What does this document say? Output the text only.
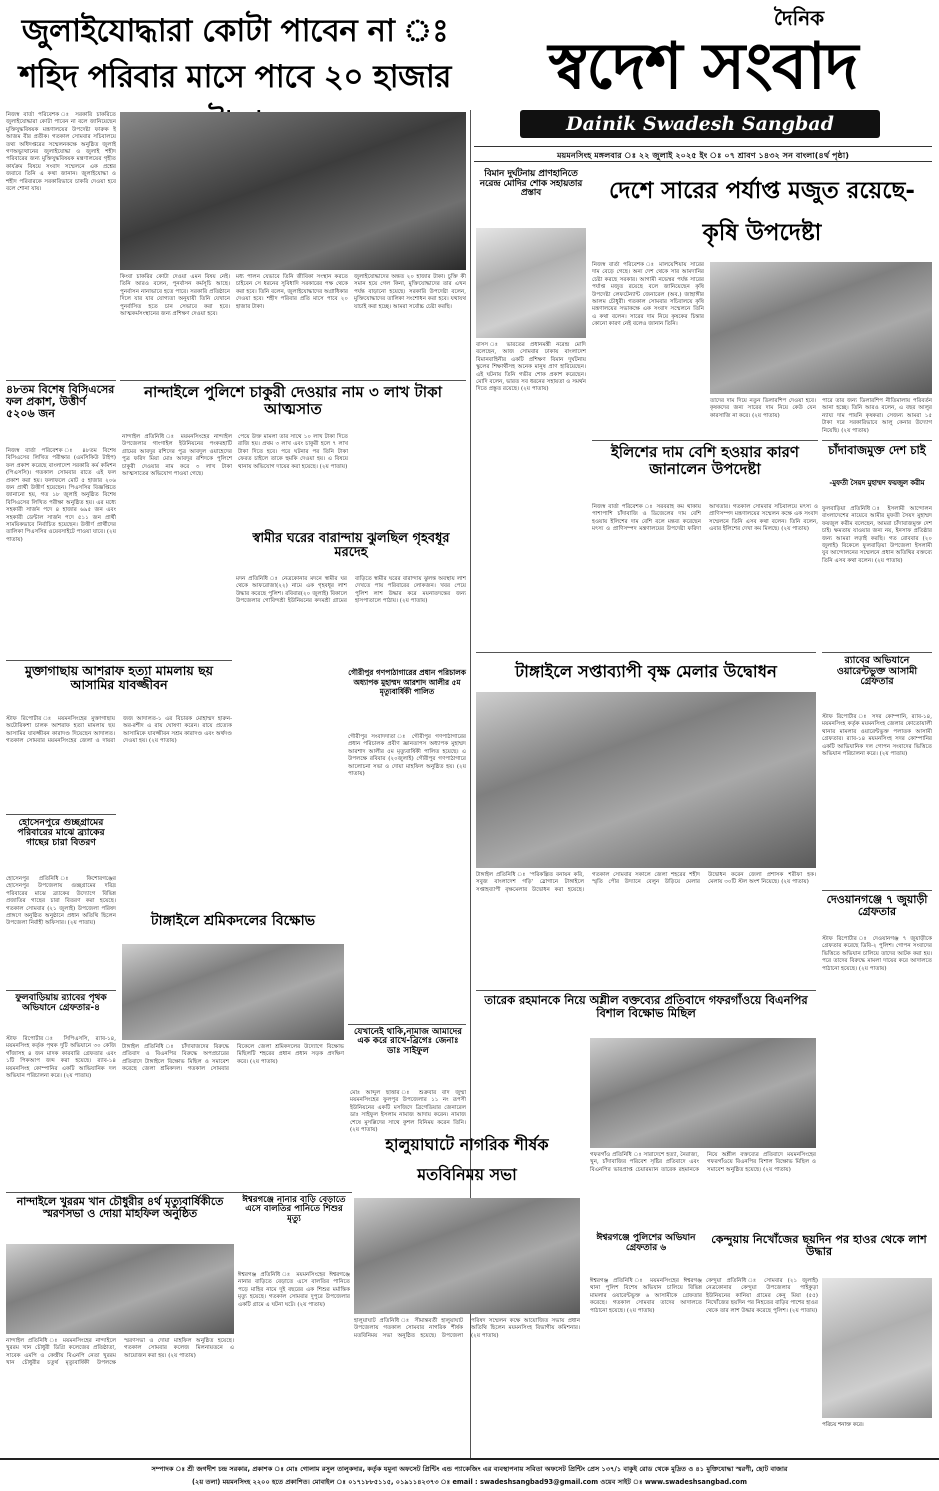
জুলাইযোদ্ধারা কোটা পাবেন না ঃ শহিদ পরিবার মাসে পাবে ২০ হাজার
দৈনিক
স্বদেশ সংবাদ
Dainik Swadesh Sangbad
ময়মনসিংহ মঙ্গলবার ঃ ২২ জুলাই ২০২৫ ইং ঃ ০৭ শ্রাবণ ১৪৩২ সন বাংলা(৪র্থ পৃষ্ঠা)
নিজস্ব বার্তা পরিবেশক ঃ সরকারি চাকরিতে জুলাইযোদ্ধারা কোটা পাবেন না বলে জানিয়েছেন মুক্তিযুদ্ধবিষয়ক মন্ত্রণালয়ের উপদেষ্টা ফারুক ই আজম বীর প্রতীক। গতকাল সোমবার সচিবালয়ে তথ্য অধিদপ্তরের সম্মেলনকক্ষে অনুষ্ঠিত জুলাই গণঅভ্যুত্থানের জুলাইযোদ্ধা ও জুলাই শহীদ পরিবারের জন্য মুক্তিযুদ্ধবিষয়ক মন্ত্রণালয়ের গৃহীত কার্যক্রম বিষয়ে সংবাদ সম্মেলনে এক প্রশ্নের জবাবে তিনি এ কথা জানান। জুলাইযোদ্ধা ও শহীদ পরিবারকে সরকারিভাবে চাকরি দেওয়া হবে বলে শোনা যায়।
কিংবা চাকরির কোটা দেওয়া এমন বিষয় নেই। তিনি আরও বলেন, পুনর্বাসন কর্মসূচি আছে। পুনর্বাসন নানাভাবে হতে পারে। সরকারি প্রতিষ্ঠানে দিলে যার যার যোগ্যতা অনুযায়ী তিনি যেখানে পুনর্বাসিত হতে চান সেভাবে করা হবে। আত্মকর্মসংস্থানের জন্য প্রশিক্ষণ দেওয়া হবে।
মধ্য পালন যেভাবে তিনি জীবিকা সংস্থান করতে চাইবেন সে ধরনের সুবিধাদি সরকারের পক্ষ থেকে করা হবে। তিনি বলেন, জুলাইযোদ্ধাদের অগ্রাধিকার দেওয়া হবে। শহীদ পরিবার প্রতি মাসে পাবে ২০ হাজার টাকা।
জুলাইযোদ্ধাদের অন্তত ২০ হাজার টাকা। চুক্তি কী সমান হয়ে গেল কিনা, মুক্তিযোদ্ধাদের তার এখন পর্যন্ত বাড়ানো হয়েছে। সরকারি উপদেষ্টা বলেন, মুক্তিযোদ্ধাদের তালিকা সংশোধন করা হবে। যথাযথ যাচাই করা হচ্ছে। আমরা সর্বোচ্চ চেষ্টা করছি।
৪৮তম বিশেষ বিসিএসের ফল প্রকাশ, উত্তীর্ণ ৫২০৬ জন
নিজস্ব বার্তা পরিবেশক ঃ ৪৮তম বিশেষ বিসিএসের লিখিত পরীক্ষার (এমসিকিউ টাইপ) ফল প্রকাশ করেছে বাংলাদেশ সরকারি কর্ম কমিশন (পিএসসি)। গতকাল সোমবার রাতে এই ফল প্রকাশ করা হয়। ফলাফলে মোট ৫ হাজার ২০৬ জন প্রার্থী উত্তীর্ণ হয়েছেন। পিএসসির বিজ্ঞপ্তিতে জানানো হয়, গত ১৮ জুলাই অনুষ্ঠিত বিশেষ বিসিএসের লিখিত পরীক্ষা অনুষ্ঠিত হয়। এর মধ্যে সহকারী সার্জন পদে ৪ হাজার ৬৯৫ জন এবং সহকারী ডেন্টাল সার্জন পদে ৫১১ জন প্রার্থী সাময়িকভাবে নির্বাচিত হয়েছেন। উত্তীর্ণ প্রার্থীদের তালিকা পিএসসির ওয়েবসাইটে পাওয়া যাবে। (২য় পাতায়)
নান্দাইলে পুলিশে চাকুরী দেওয়ার নাম ৩ লাখ টাকা আত্মসাত
নান্দাইল প্রতিনিধি ঃ ময়মনসিংহের নান্দাইল উপজেলার গাংগাইল ইউনিয়নের পংকরহাটি গ্রামের আবদুর রশিদের পুত্র আবদুল ওয়াহেদের পুত্র ফরিদ মিয়া মোঃ আবদুর রশিদকে পুলিশে চাকুরী দেওয়ার নাম করে ৩ লাখ টাকা আত্মসাতের অভিযোগ পাওয়া গেছে।
পেয়ে উক্ত মামলা তার সাথে ১০ লাখ টাকা দিতে রাজি হয়। প্রথম ৩ লাখ এবং চাকুরী হলে ৭ লাখ টাকা দিতে হবে। পরে ঘটনার পর তিনি টাকা ফেরত চাইলে তাকে হুমকি দেওয়া হয়। এ বিষয়ে থানায় অভিযোগ দায়ের করা হয়েছে। (২য় পাতায়)
স্বামীর ঘরের বারান্দায় ঝুলছিল গৃহবধূর মরদেহ
মদন প্রতিনিধি ঃ নেত্রকোনার মদনে স্বামীর ঘর থেকে আফরোজা(২২) নামে এক গৃহবধূর লাশ উদ্ধার করেছে পুলিশ। রবিবার(২০ জুলাই) বিকালে উপজেলার গোবিন্দশ্রী ইউনিয়নের কদমশ্রী গ্রামের বাড়িতে স্বামীর ঘরের বারান্দায় ঝুলন্ত অবস্থায় লাশ দেখতে পায় পরিবারের লোকজন। খবর পেয়ে পুলিশ লাশ উদ্ধার করে ময়নাতদন্তের জন্য হাসপাতালে পাঠায়। (২য় পাতায়)
মুক্তাগাছায় আশরাফ হত্যা মামলায় ছয় আসামির যাবজ্জীবন
স্টাফ রিপোর্টার ঃ ময়মনসিংহের মুক্তাগাছায় অটোরিকশা চালক আশরাফ হত্যা মামলায় ছয় আসামির যাবজ্জীবন কারাদণ্ড দিয়েছেন আদালত। গতকাল সোমবার ময়মনসিংহের জেলা ও দায়রা জজ আদালত-১ এর বিচারক মোহাম্মদ হারুন-অর-রশীদ এ রায় ঘোষণা করেন। রায়ে প্রত্যেক আসামিকে যাবজ্জীবন সশ্রম কারাদণ্ড এবং অর্থদণ্ড দেওয়া হয়। (২য় পাতায়)
গৌরীপুর গণপাঠাগারের প্রধান পরিচালক অধ্যাপক মুহাম্মদ আরশাদ আলীর ৫ম মৃত্যুবার্ষিকী পালিত
হোসেনপুরে গুচ্ছগ্রামের পরিবারের মাঝে ব্র্যাকের গাছের চারা বিতরণ
হোসেনপুর প্রতিনিধি ঃ কিশোরগঞ্জের হোসেনপুর উপজেলায় গুচ্ছগ্রামের দরিদ্র পরিবারের মাঝে ব্র্যাকের উদ্যোগে বিভিন্ন প্রজাতির গাছের চারা বিতরণ করা হয়েছে। গতকাল সোমবার (২১ জুলাই) উপজেলা পরিষদ প্রাঙ্গণে অনুষ্ঠিত অনুষ্ঠানে প্রধান অতিথি ছিলেন উপজেলা নির্বাহী অফিসার। (২য় পাতায়)	টাঙ্গাইলে শ্রমিকদলের বিক্ষোভ
টাঙ্গাইল প্রতিনিধি ঃ চাঁদাবাজদের বিরুদ্ধে প্রতিবাদ ও বিএনপির বিরুদ্ধে অপপ্রচারের প্রতিবাদে টাঙ্গাইলে বিক্ষোভ মিছিল ও সমাবেশ করেছে জেলা শ্রমিকদল। গতকাল সোমবার বিকেলে জেলা শ্রমিকদলের উদ্যোগে বিক্ষোভ মিছিলটি শহরের প্রধান প্রধান সড়ক প্রদক্ষিণ করে। (২য় পাতায়)
গৌরীপুর সংবাদদাতা ঃ গৌরীপুর গণপাঠাগারের প্রধান পরিচালক প্রবীণ জ্ঞানতাপস অধ্যাপক মুহাম্মদ আরশাদ আলীর ৫ম মৃত্যুবার্ষিকী পালিত হয়েছে। এ উপলক্ষে রবিবার (২০জুলাই) গৌরীপুর গণপাঠাগারে আলোচনা সভা ও দোয়া মাহফিল অনুষ্ঠিত হয়। (২য় পাতায়)
ফুলবাড়িয়ায় র‌্যাবের পৃথক অভিযানে গ্রেফতার-৪
স্টাফ রিপোর্টার ঃ সিপিএসসি, র‌্যাব-১৪, ময়মনসিংহ কর্তৃক পৃথক দুটি অভিযানে ৩০ কেজি গাঁজাসহ ৪ জন মাদক কারবারি গ্রেফতার এবং ১টি পিকআপ জব্দ করা হয়েছে। র‌্যাব-১৪ ময়মনসিংহ কোম্পানির একটি আভিযানিক দল অভিযান পরিচালনা করে। (২য় পাতায়)
যেখানেই থাকি,নামাজ আমাদের এক করে রাখে-ব্রিগেঃ জেনাঃ ডাঃ সাইফুল
মোঃ আব্দুল ছাত্তার ঃ শুক্রবার বাদ জুম্মা ময়মনসিংহের ফুলপুর উপজেলার ১১ নং রূপসী ইউনিয়নের একটি মসজিদে ব্রিগেডিয়ার জেনারেল ডাঃ সাইফুল ইসলাম নামাজ আদায় করেন। নামাজ শেষে মুসল্লিদের সাথে কুশল বিনিময় করেন তিনি। (২য় পাতায়)
নান্দাইলে খুররম খান চৌধুরীর ৪র্থ মৃত্যুবার্ষিকীতে স্মরণসভা ও দোয়া মাহফিল অনুষ্ঠিত
নান্দাইল প্রতিনিধি ঃ ময়মনসিংহের নান্দাইলে খুররম খান চৌধুরী ডিগ্রি কলেজের প্রতিষ্ঠাতা, সাবেক এমপি ও কেন্দ্রীয় বিএনপি নেতা খুররম খান চৌধুরীর চতুর্থ মৃত্যুবার্ষিকী উপলক্ষে স্মরণসভা ও দোয়া মাহফিল অনুষ্ঠিত হয়েছে। গতকাল সোমবার কলেজ মিলনায়তনে এ আয়োজন করা হয়। (২য় পাতায়)
ঈশ্বরগঞ্জে নানার বাড়ি বেড়াতে এসে বালতির পানিতে শিশুর মৃত্যু
ঈশ্বরগঞ্জ প্রতিনিধি ঃ ময়মনসিংহের ঈশ্বরগঞ্জে নানার বাড়িতে বেড়াতে এসে বালতির পানিতে পড়ে মাহির নামে দুই বছরের এক শিশুর মর্মান্তিক মৃত্যু হয়েছে। গতকাল সোমবার দুপুরে উপজেলার একটি গ্রামে এ ঘটনা ঘটে। (২য় পাতায়)
হালুয়াঘাটে নাগরিক শীর্ষক মতবিনিময় সভা
হালুয়াঘাট প্রতিনিধি ঃ সীমান্তবর্তী হালুয়াঘাট উপজেলায় গতকাল সোমবার নাগরিক শীর্ষক মতবিনিময় সভা অনুষ্ঠিত হয়েছে। উপজেলা পরিষদ সম্মেলন কক্ষে আয়োজিত সভায় প্রধান অতিথি ছিলেন ময়মনসিংহ বিভাগীয় কমিশনার। (২য় পাতায়)
বিমান দুর্ঘটনায় প্রাণহানিতে নরেন্দ্র মোদির শোক সহায়তার প্রস্তাব
বাসস ঃ ভারতের প্রধানমন্ত্রী নরেন্দ্র মোদি বলেছেন, আজ সোমবার ঢাকায় বাংলাদেশ বিমানবাহিনীর একটি প্রশিক্ষণ বিমান দুর্ঘটনায় স্কুলের শিক্ষার্থীসহ অনেক মানুষ প্রাণ হারিয়েছেন। এই ঘটনায় তিনি গভীর শোক প্রকাশ করেছেন। মোদি বলেন, ভারত সব ধরনের সহায়তা ও সমর্থন দিতে প্রস্তুত রয়েছে। (২য় পাতায়)
দেশে সারের পর্যাপ্ত মজুত রয়েছে-কৃষি উপদেষ্টা
নিজস্ব বার্তা পরিবেশক ঃ মালয়েশিয়ায় সারের দাম বেড়ে গেছে। অন্য দেশ থেকে সার আমদানির চেষ্টা করছে সরকার। আগামী নভেম্বর পর্যন্ত সারের পর্যাপ্ত মজুত রয়েছে বলে জানিয়েছেন কৃষি উপদেষ্টা লেফটেন্যান্ট জেনারেল (অব.) জাহাঙ্গীর আলম চৌধুরী। গতকাল সোমবার সচিবালয়ে কৃষি মন্ত্রণালয়ের সভাকক্ষে এক সংবাদ সম্মেলনে তিনি এ কথা বলেন। সারের দাম নিয়ে কৃষকের চিন্তার কোনো কারণ নেই বলেও জানান তিনি।
তাদের দাম দিয়ে নতুন ডিলারশিপ দেওয়া হবে। কৃষকদের জন্য সারের দাম নিয়ে কেউ যেন কারসাজি না করে। (২য় পাতায়)
পারে তার জন্য ডিলারশিপ নীতিমালায় পরিবর্তন আনা হচ্ছে। তিনি আরও বলেন, এ বছর আলুর ন্যায্য দাম পায়নি কৃষকরা। সেজন্য আমরা ১৫ টাকা দরে সরকারিভাবে আলু কেনার উদ্যোগ নিয়েছি। (২য় পাতায়)
ইলিশের দাম বেশি হওয়ার কারণ জানালেন উপদেষ্টা
নিজস্ব বার্তা পরিবেশক ঃ সরবরাহ কম থাকায় পাশাপাশি চাঁদাবাজি ও ডিজেলের দাম বেশি হওয়ায় ইলিশের দাম বেশি বলে মন্তব্য করেছেন মৎস্য ও প্রাণিসম্পদ মন্ত্রণালয়ের উপদেষ্টা ফরিদা আখতার। গতকাল সোমবার সচিবালয়ে মৎস্য ও প্রাণিসম্পদ মন্ত্রণালয়ের সম্মেলন কক্ষে এক সংবাদ সম্মেলনে তিনি এসব কথা বলেন। তিনি বলেন, এবার ইলিশের দেখা কম মিলছে। (২য় পাতায়)
চাঁদাবাজমুক্ত দেশ চাই
-মুফতী সৈয়দ মুহাম্মদ ফয়জুল করীম
ফুলবাড়িয়া প্রতিনিধি ঃ ইসলামী আন্দোলন বাংলাদেশের নায়েবে আমীর মুফতী সৈয়দ মুহাম্মদ ফয়জুল করীম বলেছেন, আমরা চাঁদাবাজমুক্ত দেশ চাই। ক্ষমতায় যাওয়ার জন্য নয়, ইনসাফ প্রতিষ্ঠার জন্য আমরা লড়াই করছি। গত রোববার (২০ জুলাই) বিকেলে ফুলবাড়িয়া উপজেলা ইসলামী যুব আন্দোলনের সম্মেলনে প্রধান অতিথির বক্তব্যে তিনি এসব কথা বলেন। (২য় পাতায়)
টাঙ্গাইলে সপ্তাব্যাপী বৃক্ষ মেলার উদ্বোধন
টাঙ্গাইল প্রতিনিধি ঃ 'পরিকল্পিত বনায়ন করি, সবুজ বাংলাদেশ গড়ি' স্লোগানে টাঙ্গাইলে সপ্তাহব্যাপী বৃক্ষমেলার উদ্বোধন করা হয়েছে। গতকাল সোমবার সকালে জেলা শহরের শহীদ স্মৃতি পৌর উদ্যানে বেলুন উড়িয়ে মেলার উদ্বোধন করেন জেলা প্রশাসক শরীফা হক। মেলায় ৩০টি স্টল অংশ নিয়েছে। (২য় পাতায়)
র‌্যাবের অভিযানে ওয়ারেন্টভুক্ত আসামী গ্রেফতার
স্টাফ রিপোর্টার ঃ সদর কোম্পানি, র‌্যাব-১৪, ময়মনসিংহ কর্তৃক ময়মনসিংহ জেলার কোতোয়ালী থানার মামলার ওয়ারেন্টভুক্ত পলাতক আসামী গ্রেফতার। র‌্যাব-১৪ ময়মনসিংহ সদর কোম্পানির একটি আভিযানিক দল গোপন সংবাদের ভিত্তিতে অভিযান পরিচালনা করে। (২য় পাতায়)
দেওয়ানগঞ্জে ৭ জুয়াড়ী গ্রেফতার
স্টাফ রিপোর্টার ঃ দেওয়ানগঞ্জ ৭ জুয়াড়ীকে গ্রেফতার করেছে ডিবি-২ পুলিশ। গোপন সংবাদের ভিত্তিতে অভিযান চালিয়ে তাদের আটক করা হয়। পরে তাদের বিরুদ্ধে মামলা দায়ের করে আদালতে পাঠানো হয়েছে। (২য় পাতায়)
তারেক রহমানকে নিয়ে অশ্লীল বক্তব্যের প্রতিবাদে গফরগাঁওয়ে বিএনপির বিশাল বিক্ষোভ মিছিল
গফরগাঁও প্রতিনিধি ঃ সারাদেশে হত্যা, নৈরাজ্য, খুন, চাঁদাবাজির পরিবেশ সৃষ্টির প্রতিবাদে এবং বিএনপির ভারপ্রাপ্ত চেয়ারম্যান তারেক রহমানকে নিয়ে অশ্লীল বক্তব্যের প্রতিবাদে ময়মনসিংহের গফরগাঁওয়ে বিএনপির বিশাল বিক্ষোভ মিছিল ও সমাবেশ অনুষ্ঠিত হয়েছে। (২য় পাতায়)
ঈশ্বরগঞ্জে পুলিশের অভিযান গ্রেফতার ৬
ঈশ্বরগঞ্জ প্রতিনিধি ঃ ময়মনসিংহের ঈশ্বরগঞ্জ থানা পুলিশ বিশেষ অভিযান চালিয়ে বিভিন্ন মামলার ওয়ারেন্টভুক্ত ৬ আসামীকে গ্রেফতার করেছে। গতকাল সোমবার তাদের আদালতে পাঠানো হয়েছে। (২য় পাতায়)
কেন্দুয়ায় নিখোঁজের ছয়দিন পর হাওর থেকে লাশ উদ্ধার
কেন্দুয়া প্রতিনিধি ঃ সোমবার (২১ জুলাই) নেত্রকোনার কেন্দুয়া উপজেলার পাইকুড়া ইউনিয়নের কানিয়া গ্রামের কেনু মিয়া (৫৫) নিখোঁজের ছয়দিন পর নিহতের বাড়ির পাশের হাওর থেকে তার লাশ উদ্ধার করেছে পুলিশ। (২য় পাতায়)
পরিচয় শনাক্ত করে।
সম্পাদক ঃ শ্রী জগদীশ চন্দ্র সরকার, প্রকাশক ঃ মোঃ গোলাম রসুল তালুকদার, কর্তৃক যমুনা অফসেট প্রিন্টিং এন্ড প্যাকেজিং এর ব্যবস্থাপনায় সবিতা অফসেট প্রিন্টিং প্রেস ১৩৭/১ বাকুই রোড থেকে মুদ্রিত ও ৪১ মুক্তিযোদ্ধা স্মরণী, ছোট বাজার
(২য় তলা) ময়মনসিংহ ২২০০ হতে প্রকাশিত। মোবাইল ঃ ০১৭১৮৮৫১১৫, ০১৯১১৪২৩৭৩ ঃ email : swadeshsangbad93@gmail.com ওয়েব সাইট ঃ www.swadeshsangbad.com
